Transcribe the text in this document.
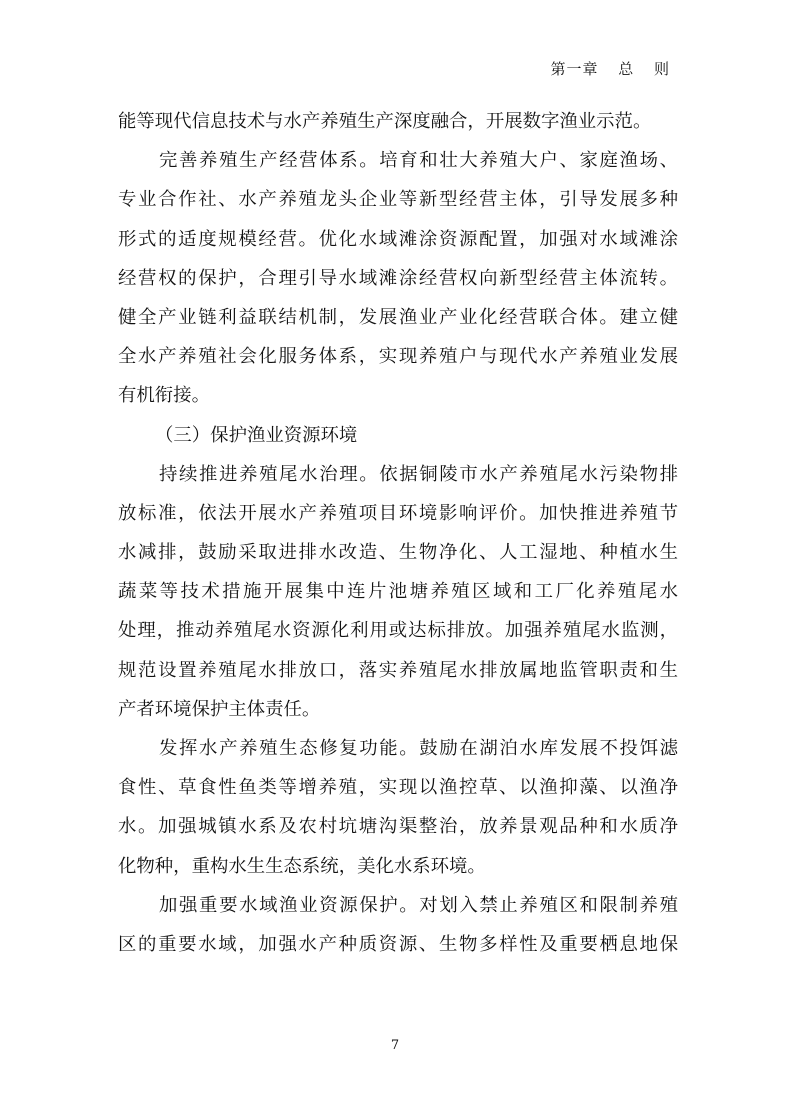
第一章 总 则
能等现代信息技术与水产养殖生产深度融合，开展数字渔业示范。
完善养殖生产经营体系。培育和壮大养殖大户、家庭渔场、
专业合作社、水产养殖龙头企业等新型经营主体，引导发展多种
形式的适度规模经营。优化水域滩涂资源配置，加强对水域滩涂
经营权的保护，合理引导水域滩涂经营权向新型经营主体流转。
健全产业链利益联结机制，发展渔业产业化经营联合体。建立健
全水产养殖社会化服务体系，实现养殖户与现代水产养殖业发展
有机衔接。
（三）保护渔业资源环境
持续推进养殖尾水治理。依据铜陵市水产养殖尾水污染物排
放标准，依法开展水产养殖项目环境影响评价。加快推进养殖节
水减排，鼓励采取进排水改造、生物净化、人工湿地、种植水生
蔬菜等技术措施开展集中连片池塘养殖区域和工厂化养殖尾水
处理，推动养殖尾水资源化利用或达标排放。加强养殖尾水监测，
规范设置养殖尾水排放口，落实养殖尾水排放属地监管职责和生
产者环境保护主体责任。
发挥水产养殖生态修复功能。鼓励在湖泊水库发展不投饵滤
食性、草食性鱼类等增养殖，实现以渔控草、以渔抑藻、以渔净
水。加强城镇水系及农村坑塘沟渠整治，放养景观品种和水质净
化物种，重构水生生态系统，美化水系环境。
加强重要水域渔业资源保护。对划入禁止养殖区和限制养殖
区的重要水域，加强水产种质资源、生物多样性及重要栖息地保
7
